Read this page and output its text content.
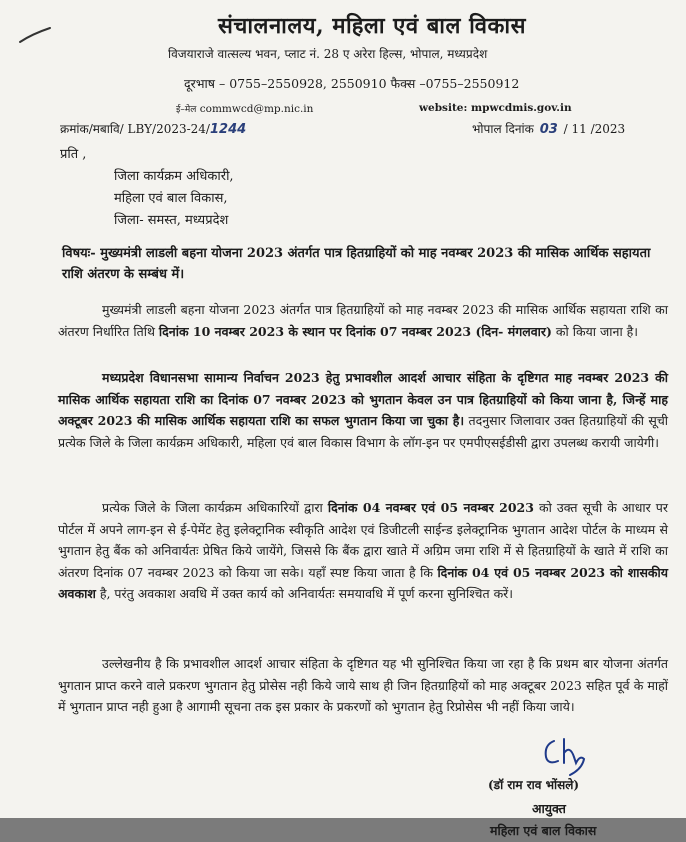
संचालनालय, महिला एवं बाल विकास
विजयाराजे वात्सल्य भवन, प्लाट नं. 28 ए अरेरा हिल्स, भोपाल, मध्यप्रदेश
दूरभाष – 0755–2550928, 2550910 फैक्स –0755–2550912
ई–मेल commwcd@mp.nic.in	website: mpwcdmis.gov.in
क्रमांक/मबावि/ LBY/2023-24/1244	भोपाल दिनांक 03 / 11 /2023
प्रति ,
जिला कार्यक्रम अधिकारी,
महिला एवं बाल विकास,
जिला- समस्त, मध्यप्रदेश
विषयः- मुख्यमंत्री लाडली बहना योजना 2023 अंतर्गत पात्र हितग्राहियों को माह नवम्बर 2023 की मासिक आर्थिक सहायता राशि अंतरण के सम्बंध में।
मुख्यमंत्री लाडली बहना योजना 2023 अंतर्गत पात्र हितग्राहियों को माह नवम्बर 2023 की मासिक आर्थिक सहायता राशि का अंतरण निर्धारित तिथि दिनांक 10 नवम्बर 2023 के स्थान पर दिनांक 07 नवम्बर 2023 (दिन- मंगलवार) को किया जाना है।
मध्यप्रदेश विधानसभा सामान्य निर्वाचन 2023 हेतु प्रभावशील आदर्श आचार संहिता के दृष्टिगत माह नवम्बर 2023 की मासिक आर्थिक सहायता राशि का दिनांक 07 नवम्बर 2023 को भुगतान केवल उन पात्र हितग्राहियों को किया जाना है, जिन्हें माह अक्टूबर 2023 की मासिक आर्थिक सहायता राशि का सफल भुगतान किया जा चुका है। तदनुसार जिलावार उक्त हितग्राहियों की सूची प्रत्येक जिले के जिला कार्यक्रम अधिकारी, महिला एवं बाल विकास विभाग के लॉग-इन पर एमपीएसईडीसी द्वारा उपलब्ध करायी जायेगी।
प्रत्येक जिले के जिला कार्यक्रम अधिकारियों द्वारा दिनांक 04 नवम्बर एवं 05 नवम्बर 2023 को उक्त सूची के आधार पर पोर्टल में अपने लाग-इन से ई-पेमेंट हेतु इलेक्ट्रानिक स्वीकृति आदेश एवं डिजीटली साईन्ड इलेक्ट्रानिक भुगतान आदेश पोर्टल के माध्यम से भुगतान हेतु बैंक को अनिवार्यतः प्रेषित किये जायेंगे, जिससे कि बैंक द्वारा खाते में अग्रिम जमा राशि में से हितग्राहियों के खाते में राशि का अंतरण दिनांक 07 नवम्बर 2023 को किया जा सके। यहाँ स्पष्ट किया जाता है कि दिनांक 04 एवं 05 नवम्बर 2023 को शासकीय अवकाश है, परंतु अवकाश अवधि में उक्त कार्य को अनिवार्यतः समयावधि में पूर्ण करना सुनिश्चित करें।
उल्लेखनीय है कि प्रभावशील आदर्श आचार संहिता के दृष्टिगत यह भी सुनिश्चित किया जा रहा है कि प्रथम बार योजना अंतर्गत भुगतान प्राप्त करने वाले प्रकरण भुगतान हेतु प्रोसेस नही किये जाये साथ ही जिन हितग्राहियों को माह अक्टूबर 2023 सहित पूर्व के माहों में भुगतान प्राप्त नही हुआ है आगामी सूचना तक इस प्रकार के प्रकरणों को भुगतान हेतु रिप्रोसेस भी नहीं किया जाये।
(डॉ राम राव भोंसले)
आयुक्त
महिला एवं बाल विकास
